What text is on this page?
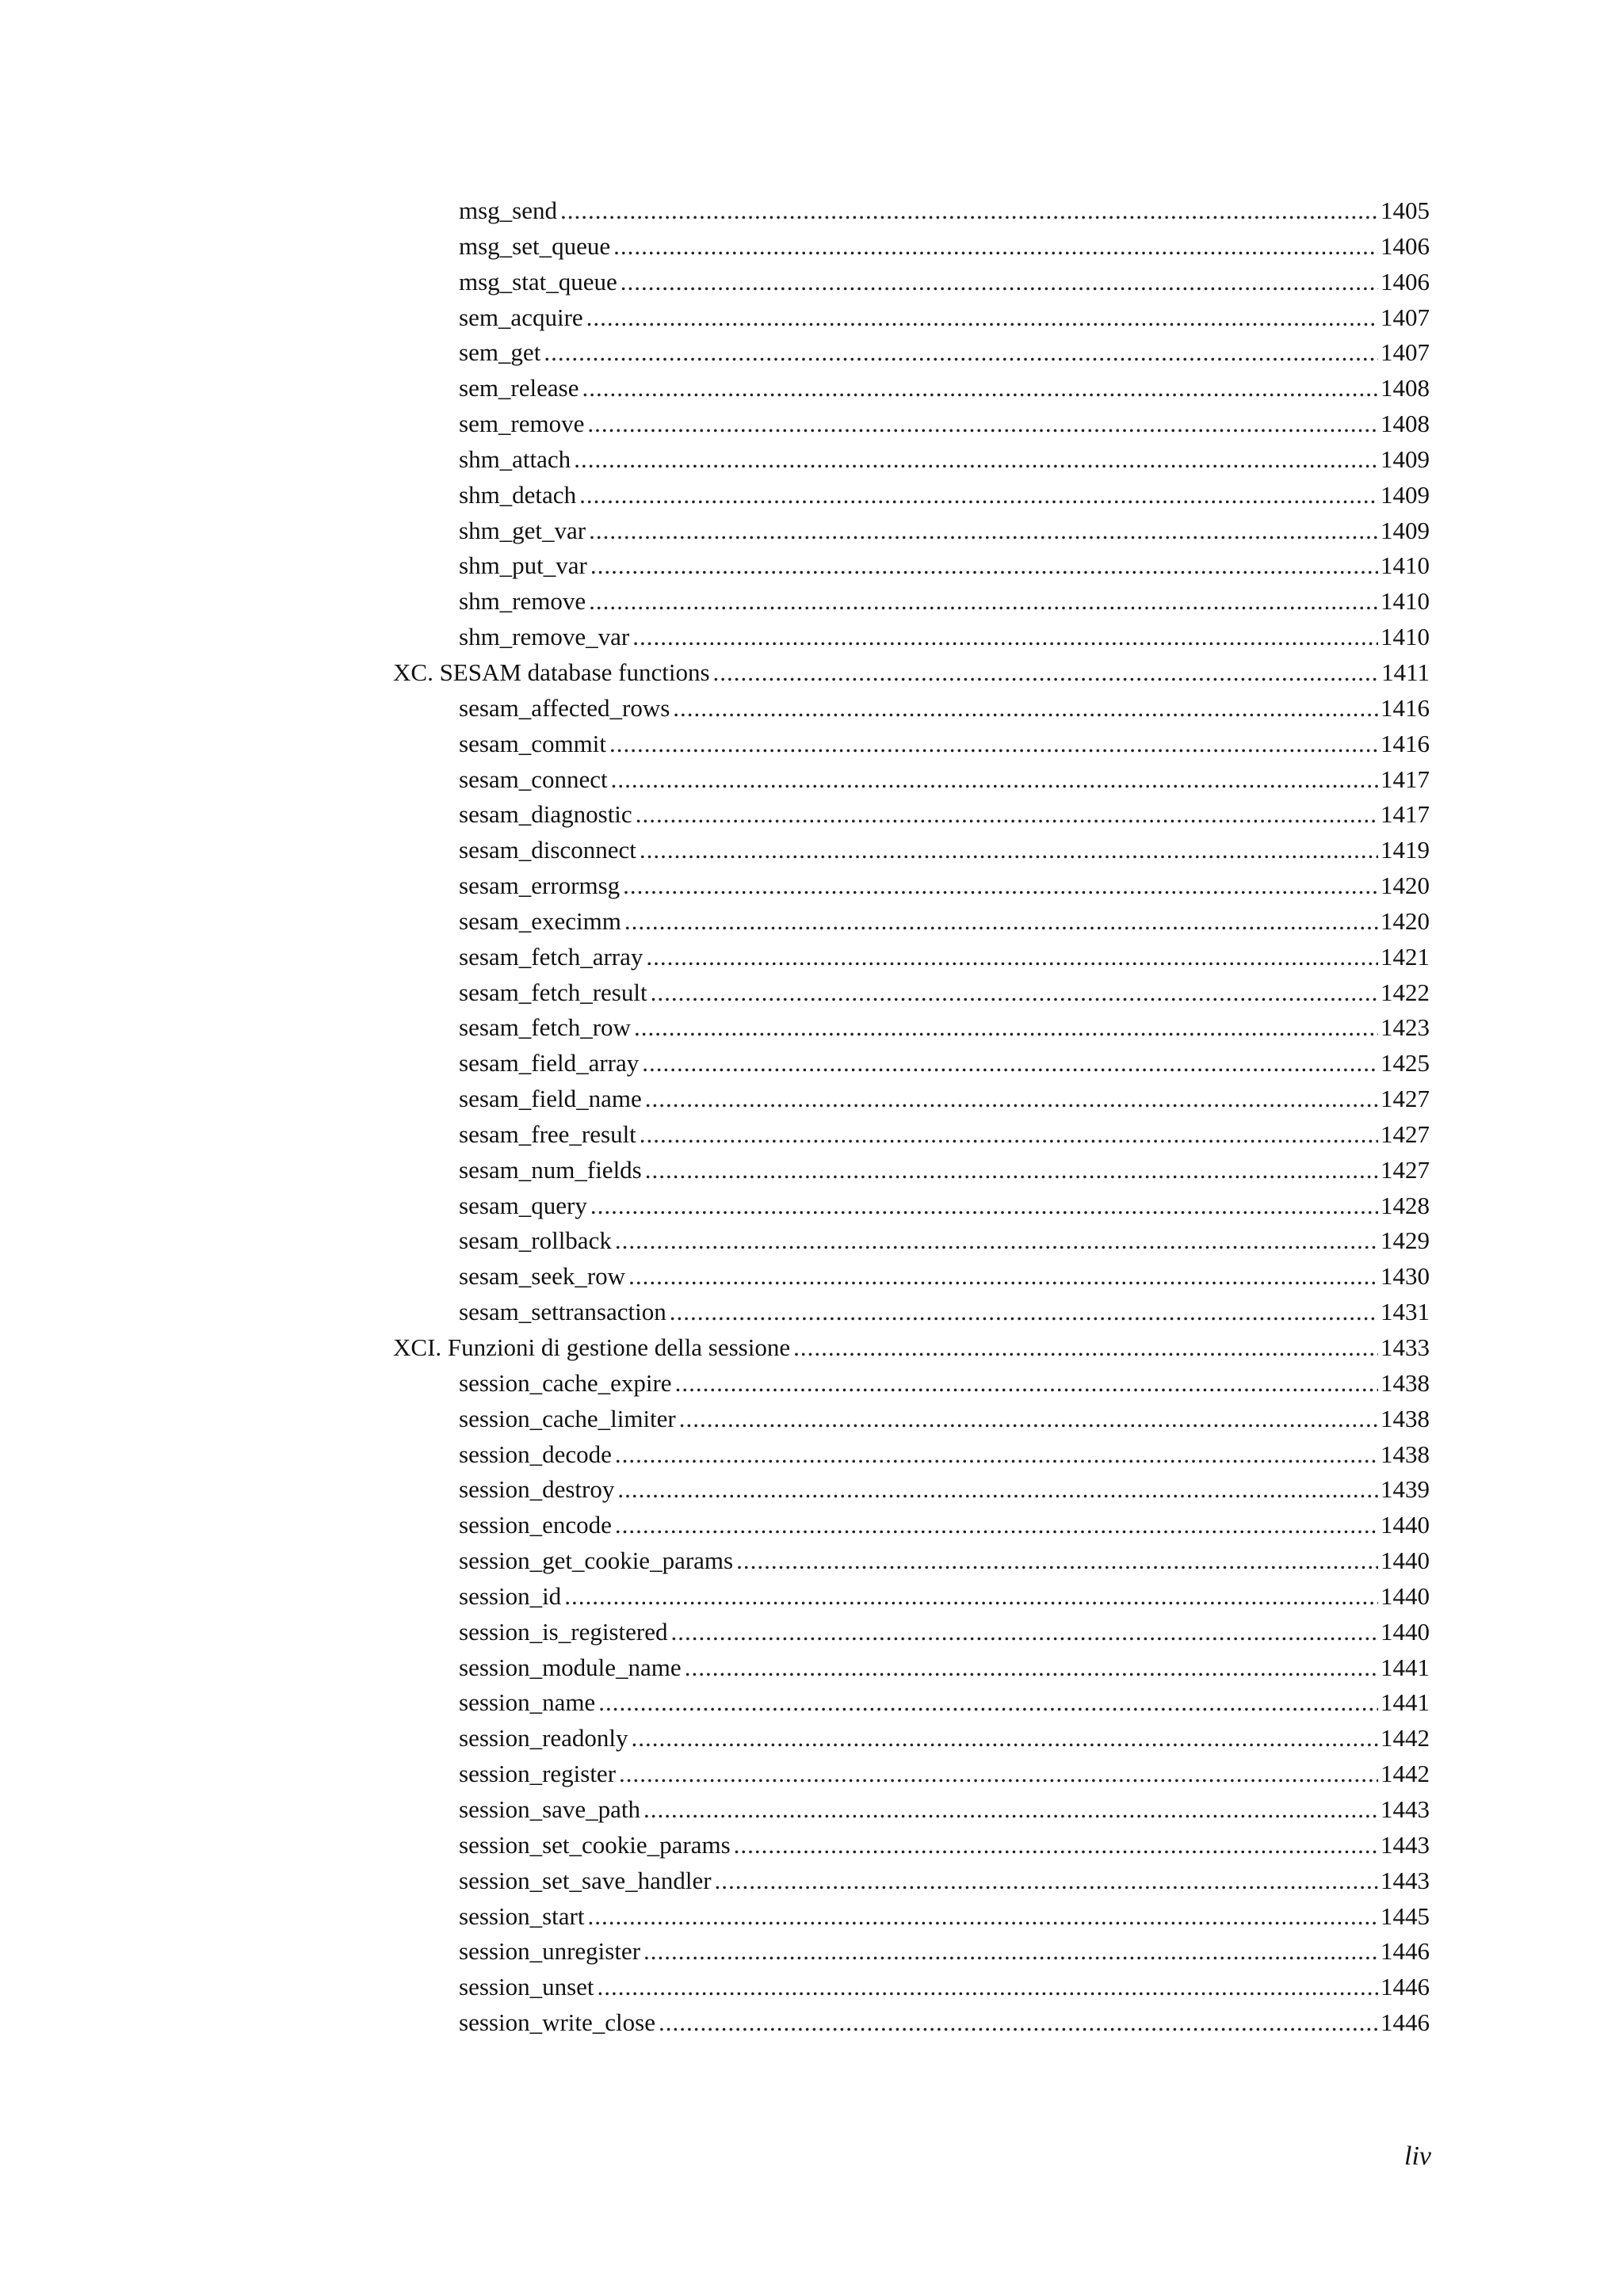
msg_send .....	1405
msg_set_queue .....	1406
msg_stat_queue .....	1406
sem_acquire .....	1407
sem_get .....	1407
sem_release .....	1408
sem_remove .....	1408
shm_attach .....	1409
shm_detach .....	1409
shm_get_var .....	1409
shm_put_var .....	1410
shm_remove .....	1410
shm_remove_var .....	1410
XC. SESAM database functions .....	1411
sesam_affected_rows .....	1416
sesam_commit .....	1416
sesam_connect .....	1417
sesam_diagnostic .....	1417
sesam_disconnect .....	1419
sesam_errormsg .....	1420
sesam_execimm .....	1420
sesam_fetch_array .....	1421
sesam_fetch_result .....	1422
sesam_fetch_row .....	1423
sesam_field_array .....	1425
sesam_field_name .....	1427
sesam_free_result .....	1427
sesam_num_fields .....	1427
sesam_query .....	1428
sesam_rollback .....	1429
sesam_seek_row .....	1430
sesam_settransaction .....	1431
XCI. Funzioni di gestione della sessione .....	1433
session_cache_expire .....	1438
session_cache_limiter .....	1438
session_decode .....	1438
session_destroy .....	1439
session_encode .....	1440
session_get_cookie_params .....	1440
session_id .....	1440
session_is_registered .....	1440
session_module_name .....	1441
session_name .....	1441
session_readonly .....	1442
session_register .....	1442
session_save_path .....	1443
session_set_cookie_params .....	1443
session_set_save_handler .....	1443
session_start .....	1445
session_unregister .....	1446
session_unset .....	1446
session_write_close .....	1446
liv
